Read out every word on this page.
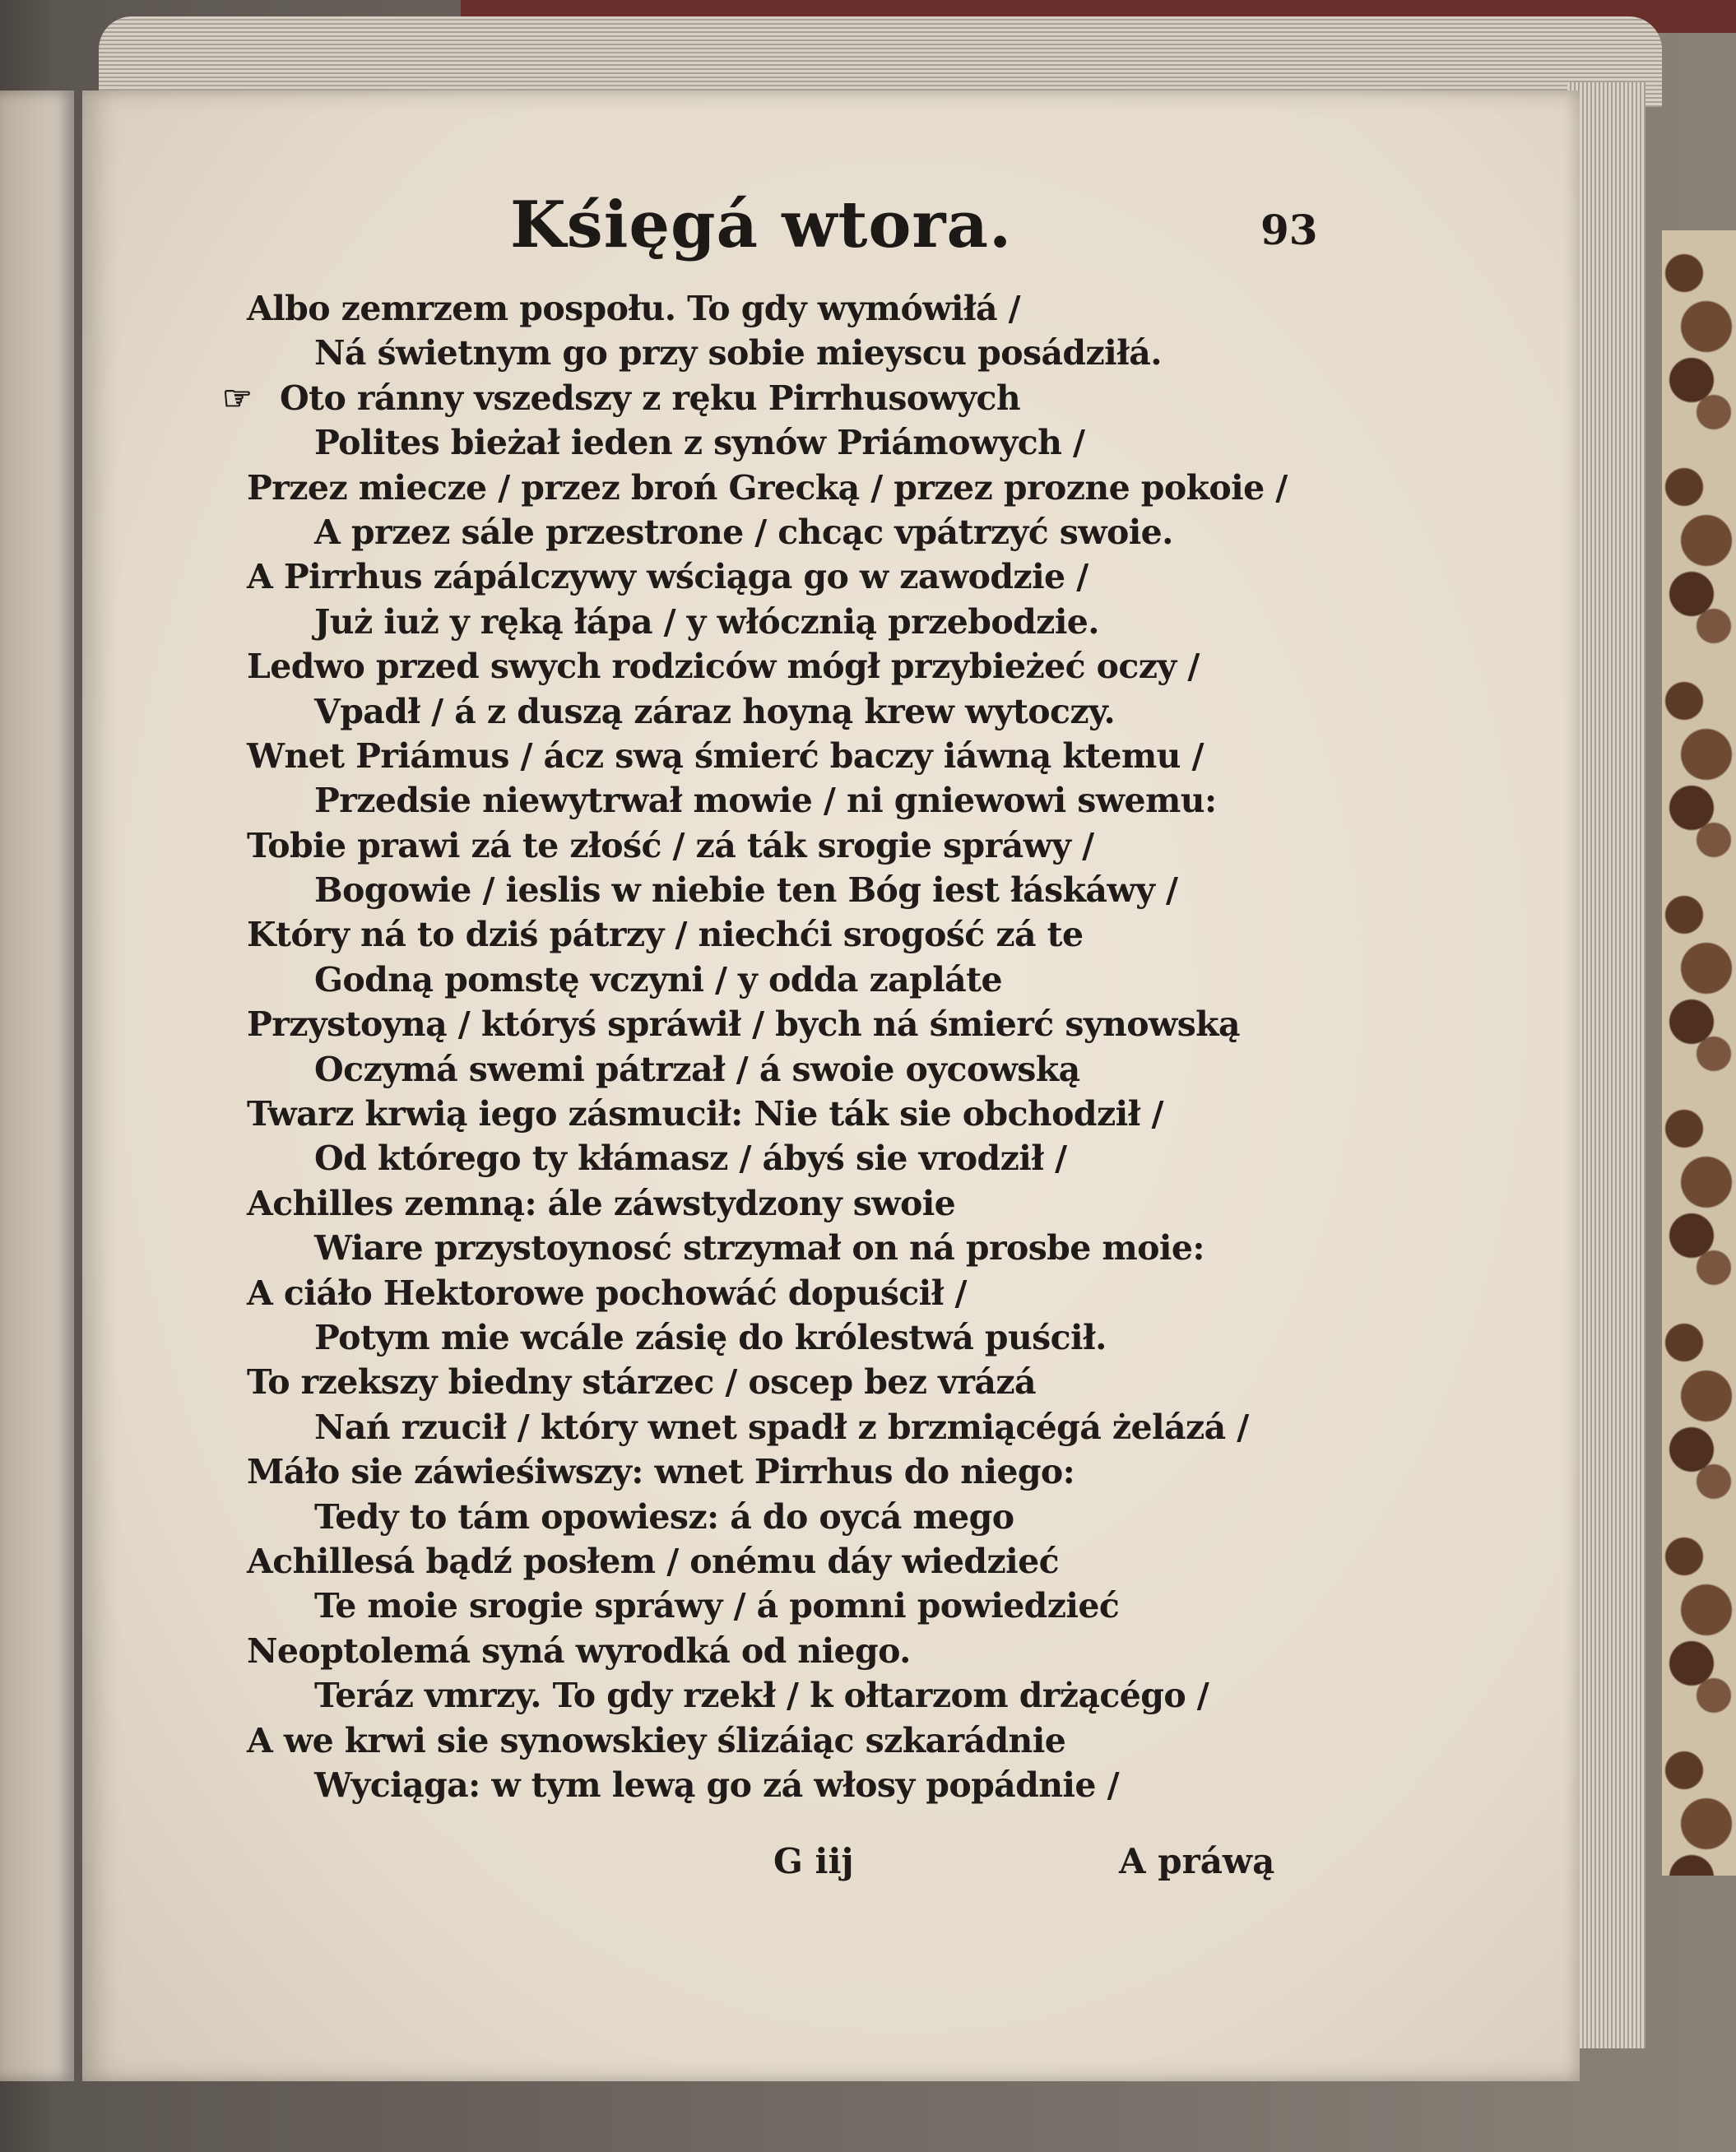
Kśięgá wtora.	93
Albo zemrzem pospołu. To gdy wymówiłá /
Ná świetnym go przy sobie mieyscu posádziłá.
☞ Oto ránny vszedszy z ręku Pirrhusowych
Polites bieżał ieden z synów Priámowych /
Przez miecze / przez broń Grecką / przez prozne pokoie /
A przez sále przestrone / chcąc vpátrzyć swoie.
A Pirrhus zápálczywy wściąga go w zawodzie /
Już iuż y ręką łápa / y włócznią przebodzie.
Ledwo przed swych rodziców mógł przybieżeć oczy /
Vpadł / á z duszą záraz hoyną krew wytoczy.
Wnet Priámus / ácz swą śmierć baczy iáwną ktemu /
Przedsie niewytrwał mowie / ni gniewowi swemu:
Tobie prawi zá te złość / zá ták srogie spráwy /
Bogowie / ieslis w niebie ten Bóg iest łáskáwy /
Który ná to dziś pátrzy / niechći srogość zá te
Godną pomstę vczyni / y odda zapláte
Przystoyną / któryś spráwił / bych ná śmierć synowską
Oczymá swemi pátrzał / á swoie oycowską
Twarz krwią iego zásmucił: Nie ták sie obchodził /
Od którego ty kłámasz / ábyś sie vrodził /
Achilles zemną: ále záwstydzony swoie
Wiare przystoynosć strzymał on ná prosbe moie:
A ciáło Hektorowe pochowáć dopuścił /
Potym mie wcále zásię do królestwá puścił.
To rzekszy biedny stárzec / oscep bez vrázá
Nań rzucił / który wnet spadł z brzmiącégá żelázá /
Máło sie záwieśiwszy: wnet Pirrhus do niego:
Tedy to tám opowiesz: á do oycá mego
Achillesá bądź posłem / onému dáy wiedzieć
Te moie srogie spráwy / á pomni powiedzieć
Neoptolemá syná wyrodká od niego.
Teráz vmrzy. To gdy rzekł / k ołtarzom drżącégo /
A we krwi sie synowskiey ślizáiąc szkarádnie
Wyciąga: w tym lewą go zá włosy popádnie /
G iij	A práwą
